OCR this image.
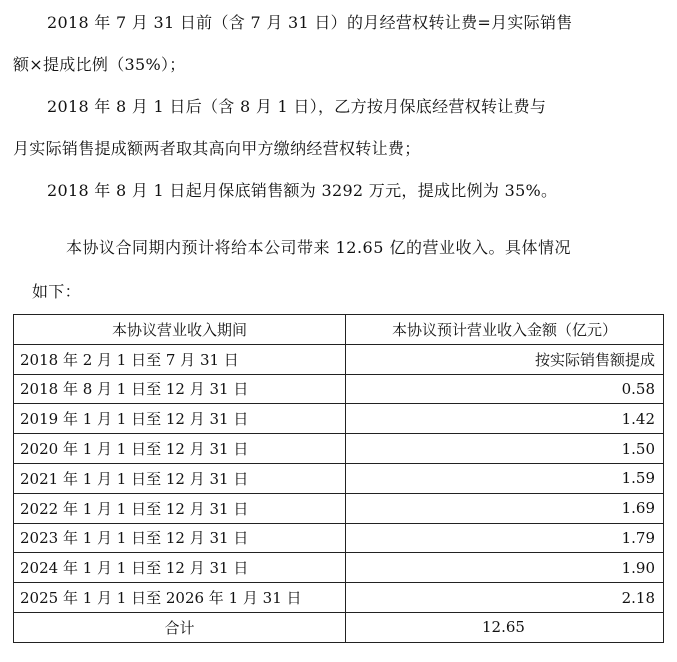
2018 年 7 月 31 日前（含 7 月 31 日）的月经营权转让费=月实际销售
额×提成比例（35%）；
2018 年 8 月 1 日后（含 8 月 1 日），乙方按月保底经营权转让费与
月实际销售提成额两者取其高向甲方缴纳经营权转让费；
2018 年 8 月 1 日起月保底销售额为 3292 万元，提成比例为 35%。
本协议合同期内预计将给本公司带来 12.65 亿的营业收入。具体情况
如下：
本协议营业收入期间	本协议预计营业收入金额（亿元）
2018 年 2 月 1 日至 7 月 31 日	按实际销售额提成
2018 年 8 月 1 日至 12 月 31 日	0.58
2019 年 1 月 1 日至 12 月 31 日	1.42
2020 年 1 月 1 日至 12 月 31 日	1.50
2021 年 1 月 1 日至 12 月 31 日	1.59
2022 年 1 月 1 日至 12 月 31 日	1.69
2023 年 1 月 1 日至 12 月 31 日	1.79
2024 年 1 月 1 日至 12 月 31 日	1.90
2025 年 1 月 1 日至 2026 年 1 月 31 日	2.18
合计	12.65
